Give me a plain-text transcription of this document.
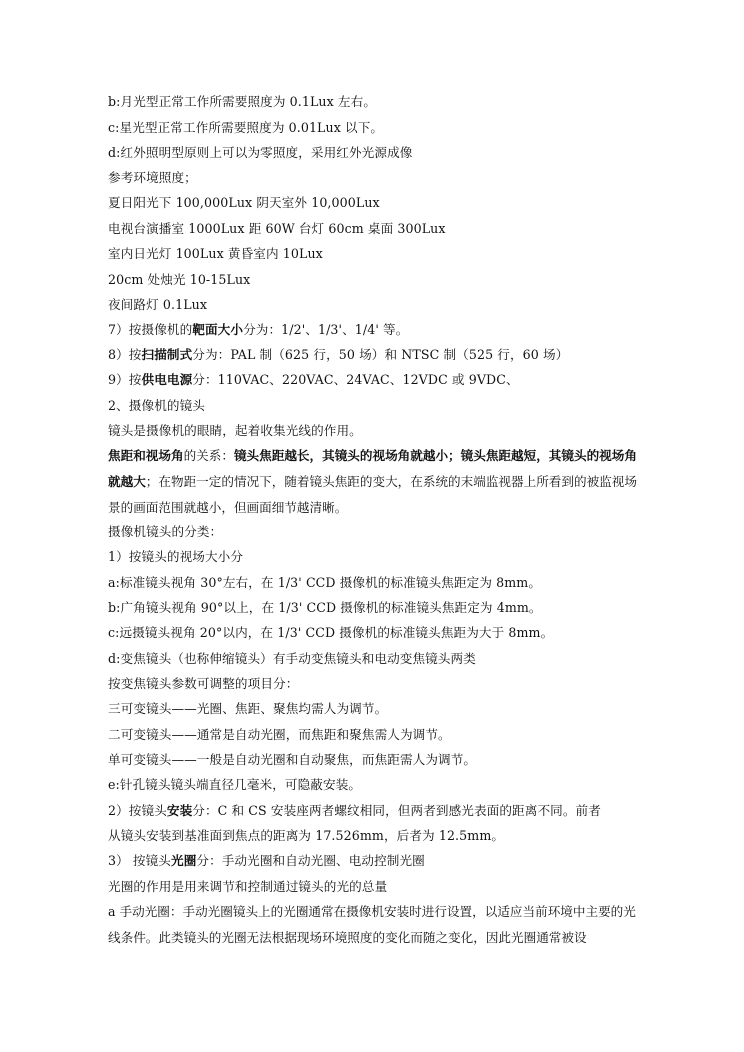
b:月光型正常工作所需要照度为 0.1Lux 左右。
c:星光型正常工作所需要照度为 0.01Lux 以下。
d:红外照明型原则上可以为零照度，采用红外光源成像
参考环境照度；
夏日阳光下 100,000Lux 阴天室外 10,000Lux
电视台演播室 1000Lux 距 60W 台灯 60cm 桌面 300Lux
室内日光灯 100Lux 黄昏室内 10Lux
20cm 处烛光 10-15Lux
夜间路灯 0.1Lux
7）按摄像机的靶面大小分为：1/2'、1/3'、1/4' 等。
8）按扫描制式分为：PAL 制（625 行，50 场）和 NTSC 制（525 行，60 场）
9）按供电电源分：110VAC、220VAC、24VAC、12VDC 或 9VDC、
2、摄像机的镜头
镜头是摄像机的眼睛，起着收集光线的作用。
焦距和视场角的关系：镜头焦距越长，其镜头的视场角就越小；镜头焦距越短，其镜头的视场角就越大；在物距一定的情况下，随着镜头焦距的变大，在系统的末端监视器上所看到的被监视场景的画面范围就越小，但画面细节越清晰。
摄像机镜头的分类：
1）按镜头的视场大小分
a:标准镜头视角 30°左右，在 1/3' CCD 摄像机的标准镜头焦距定为 8mm。
b:广角镜头视角 90°以上，在 1/3' CCD 摄像机的标准镜头焦距定为 4mm。
c:远摄镜头视角 20°以内，在 1/3' CCD 摄像机的标准镜头焦距为大于 8mm。
d:变焦镜头（也称伸缩镜头）有手动变焦镜头和电动变焦镜头两类
按变焦镜头参数可调整的项目分：
三可变镜头——光圈、焦距、聚焦均需人为调节。
二可变镜头——通常是自动光圈，而焦距和聚焦需人为调节。
单可变镜头——一般是自动光圈和自动聚焦，而焦距需人为调节。
e:针孔镜头镜头端直径几毫米，可隐蔽安装。
2）按镜头安装分：C 和 CS 安装座两者螺纹相同，但两者到感光表面的距离不同。前者
从镜头安装到基准面到焦点的距离为 17.526mm，后者为 12.5mm。
3） 按镜头光圈分：手动光圈和自动光圈、电动控制光圈
光圈的作用是用来调节和控制通过镜头的光的总量
a 手动光圈：手动光圈镜头上的光圈通常在摄像机安装时进行设置，以适应当前环境中主要的光线条件。此类镜头的光圈无法根据现场环境照度的变化而随之变化，因此光圈通常被设
